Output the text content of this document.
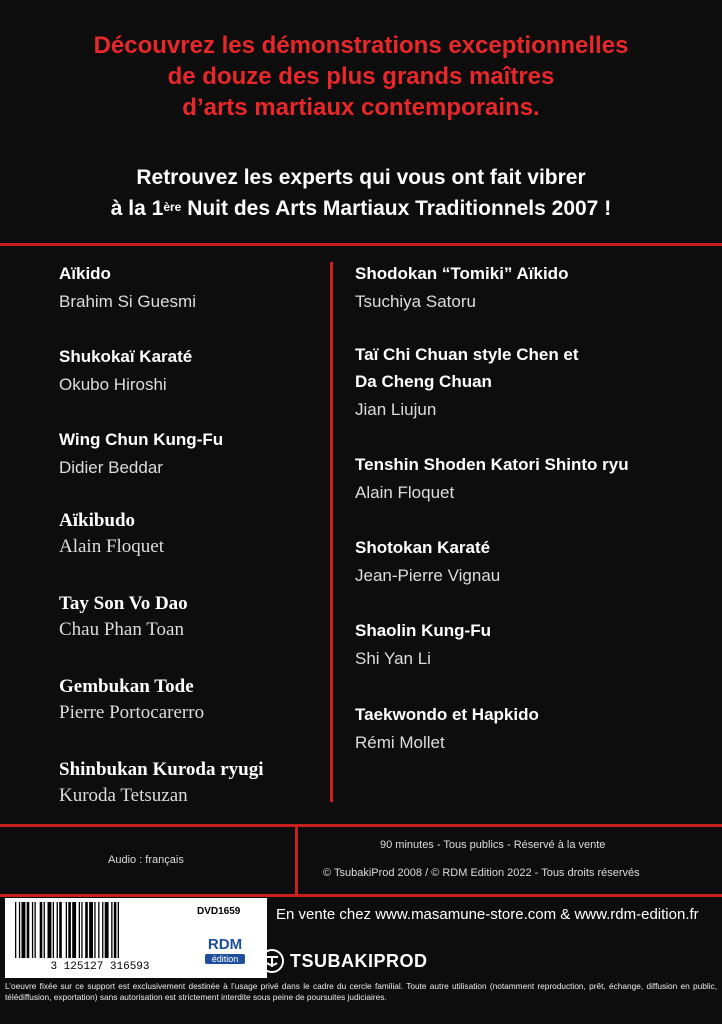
Découvrez les démonstrations exceptionnelles
de douze des plus grands maîtres
d’arts martiaux contemporains.
Retrouvez les experts qui vous ont fait vibrer
à la 1ère Nuit des Arts Martiaux Traditionnels 2007 !
Aïkido
Brahim Si Guesmi
Shukokaï Karaté
Okubo Hiroshi
Wing Chun Kung-Fu
Didier Beddar
Aïkibudo
Alain Floquet
Tay Son Vo Dao
Chau Phan Toan
Gembukan Tode
Pierre Portocarerro
Shinbukan Kuroda ryugi
Kuroda Tetsuzan
Shodokan “Tomiki” Aïkido
Tsuchiya Satoru
Taï Chi Chuan style Chen et
Da Cheng Chuan
Jian Liujun
Tenshin Shoden Katori Shinto ryu
Alain Floquet
Shotokan Karaté
Jean-Pierre Vignau
Shaolin Kung-Fu
Shi Yan Li
Taekwondo et Hapkido
Rémi Mollet
Audio : français
90 minutes - Tous publics - Réservé à la vente
© TsubakiProd 2008 / © RDM Edition 2022 - Tous droits réservés
3 125127 316593
DVD1659
RDM
édition
En vente chez www.masamune-store.com & www.rdm-edition.fr
TSUBAKIPROD
L’oeuvre fixée sur ce support est exclusivement destinée à l’usage privé dans le cadre du cercle familial. Toute autre utilisation (notamment reproduction, prêt, échange, diffusion en public, télédiffusion, exportation) sans autorisation est strictement interdite sous peine de poursuites judiciaires.
